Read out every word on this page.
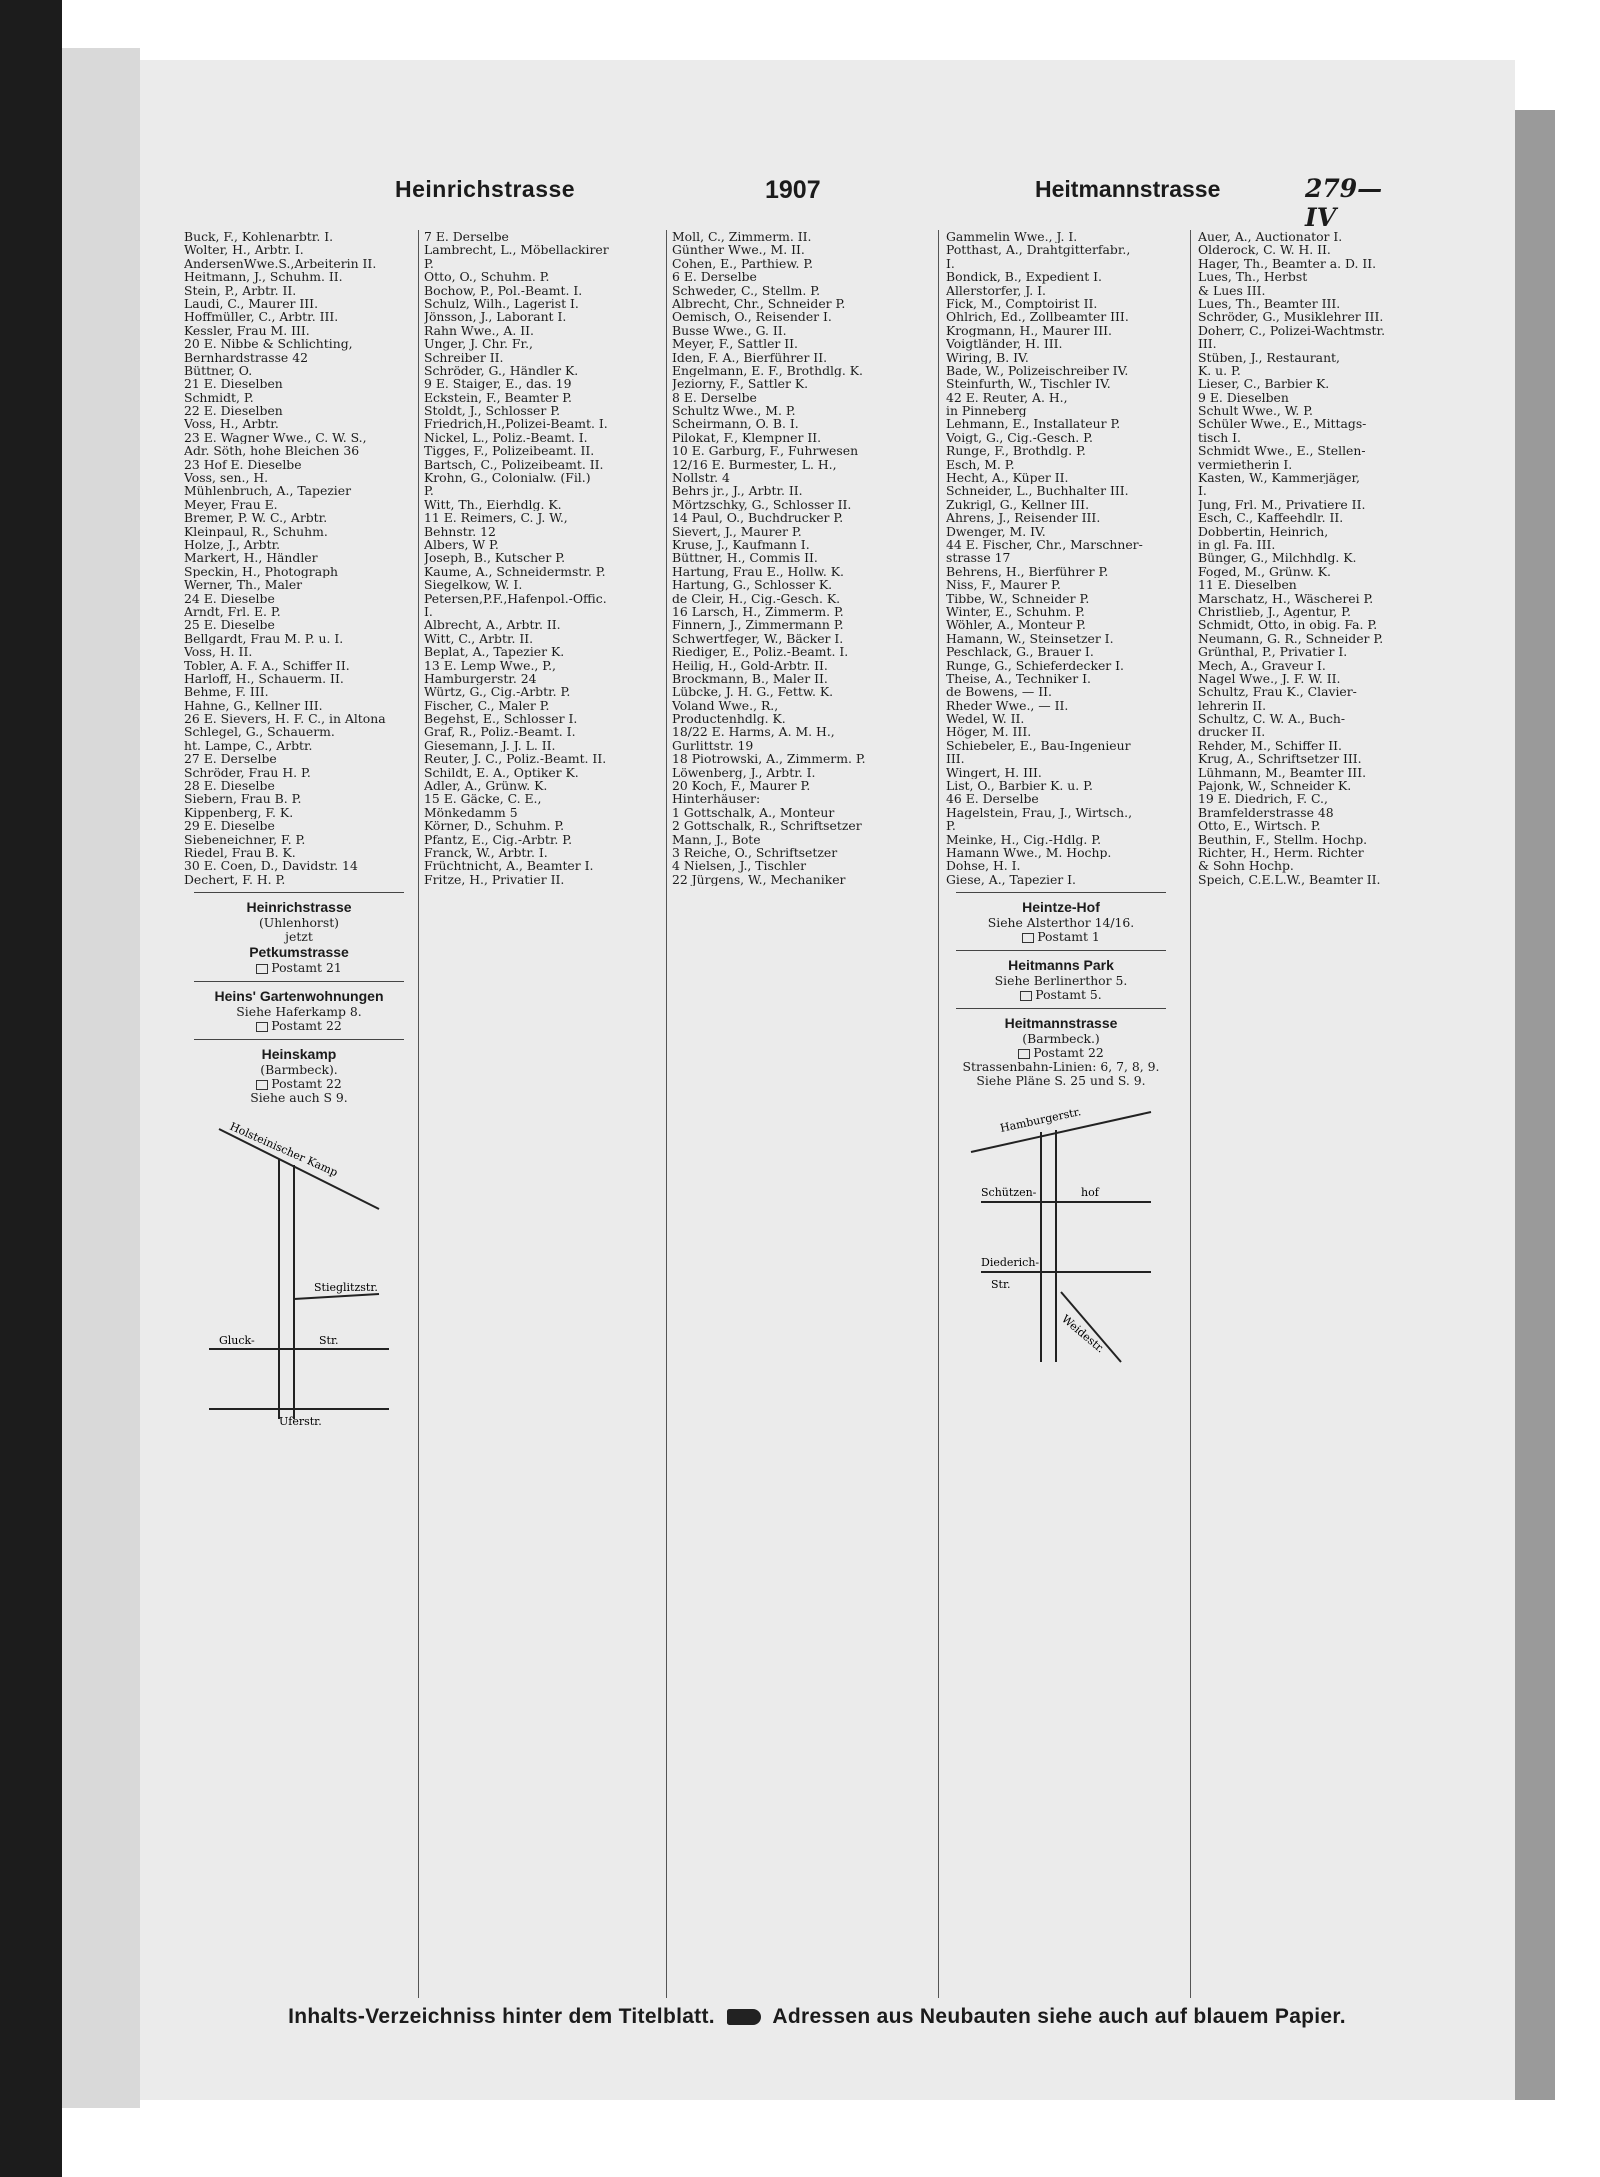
Heinrichstrasse	1907	Heitmannstrasse	279—IV
Buck, F., Kohlenarbtr. I.
Wolter, H., Arbtr. I.
AndersenWwe.S.,Arbeiterin II.
Heitmann, J., Schuhm. II.
Stein, P., Arbtr. II.
Laudi, C., Maurer III.
Hoffmüller, C., Arbtr. III.
Kessler, Frau M. III.
20 E. Nibbe & Schlichting,
Bernhardstrasse 42
Büttner, O.
21 E. Dieselben
Schmidt, P.
22 E. Dieselben
Voss, H., Arbtr.
23 E. Wagner Wwe., C. W. S.,
Adr. Söth, hohe Bleichen 36
23 Hof E. Dieselbe
Voss, sen., H.
Mühlenbruch, A., Tapezier
Meyer, Frau E.
Bremer, P. W. C., Arbtr.
Kleinpaul, R., Schuhm.
Holze, J., Arbtr.
Markert, H., Händler
Speckin, H., Photograph
Werner, Th., Maler
24 E. Dieselbe
Arndt, Frl. E. P.
25 E. Dieselbe
Bellgardt, Frau M. P. u. I.
Voss, H. II.
Tobler, A. F. A., Schiffer II.
Harloff, H., Schauerm. II.
Behme, F. III.
Hahne, G., Kellner III.
26 E. Sievers, H. F. C., in Altona
Schlegel, G., Schauerm.
ht. Lampe, C., Arbtr.
27 E. Derselbe
Schröder, Frau H. P.
28 E. Dieselbe
Siebern, Frau B. P.
Kippenberg, F. K.
29 E. Dieselbe
Siebeneichner, F. P.
Riedel, Frau B. K.
30 E. Coen, D., Davidstr. 14
Dechert, F. H. P.
Heinrichstrasse
(Uhlenhorst)
jetzt
Petkumstrasse
Postamt 21
Heins' Gartenwohnungen
Siehe Haferkamp 8.
Postamt 22
Heinskamp
(Barmbeck).
Postamt 22
Siehe auch S 9.
Holsteinischer Kamp
Stieglitzstr.
Gluck-	Str.
Uferstr.
7 E. Derselbe
Lambrecht, L., Möbellackirer
P.
Otto, O., Schuhm. P.
Bochow, P., Pol.-Beamt. I.
Schulz, Wilh., Lagerist I.
Jönsson, J., Laborant I.
Rahn Wwe., A. II.
Unger, J. Chr. Fr.,
Schreiber II.
Schröder, G., Händler K.
9 E. Staiger, E., das. 19
Eckstein, F., Beamter P.
Stoldt, J., Schlosser P.
Friedrich,H.,Polizei-Beamt. I.
Nickel, L., Poliz.-Beamt. I.
Tigges, F., Polizeibeamt. II.
Bartsch, C., Polizeibeamt. II.
Krohn, G., Colonialw. (Fil.)
P.
Witt, Th., Eierhdlg. K.
11 E. Reimers, C. J. W.,
Behnstr. 12
Albers, W P.
Joseph, B., Kutscher P.
Kaume, A., Schneidermstr. P.
Siegelkow, W. I.
Petersen,P.F.,Hafenpol.-Offic.
I.
Albrecht, A., Arbtr. II.
Witt, C., Arbtr. II.
Beplat, A., Tapezier K.
13 E. Lemp Wwe., P.,
Hamburgerstr. 24
Würtz, G., Cig.-Arbtr. P.
Fischer, C., Maler P.
Begehst, E., Schlosser I.
Graf, R., Poliz.-Beamt. I.
Giesemann, J. J. L. II.
Reuter, J. C., Poliz.-Beamt. II.
Schildt, E. A., Optiker K.
Adler, A., Grünw. K.
15 E. Gäcke, C. E.,
Mönkedamm 5
Körner, D., Schuhm. P.
Pfantz, E., Cig.-Arbtr. P.
Franck, W., Arbtr. I.
Früchtnicht, A., Beamter I.
Fritze, H., Privatier II.
Moll, C., Zimmerm. II.
Günther Wwe., M. II.
Cohen, E., Parthiew. P.
6 E. Derselbe
Schweder, C., Stellm. P.
Albrecht, Chr., Schneider P.
Oemisch, O., Reisender I.
Busse Wwe., G. II.
Meyer, F., Sattler II.
Iden, F. A., Bierführer II.
Engelmann, E. F., Brothdlg. K.
Jeziorny, F., Sattler K.
8 E. Derselbe
Schultz Wwe., M. P.
Scheirmann, O. B. I.
Pilokat, F., Klempner II.
10 E. Garburg, F., Fuhrwesen
12/16 E. Burmester, L. H.,
Nollstr. 4
Behrs jr., J., Arbtr. II.
Mörtzschky, G., Schlosser II.
14 Paul, O., Buchdrucker P.
Sievert, J., Maurer P.
Kruse, J., Kaufmann I.
Büttner, H., Commis II.
Hartung, Frau E., Hollw. K.
Hartung, G., Schlosser K.
de Cleir, H., Cig.-Gesch. K.
16 Larsch, H., Zimmerm. P.
Finnern, J., Zimmermann P.
Schwertfeger, W., Bäcker I.
Riediger, E., Poliz.-Beamt. I.
Heilig, H., Gold-Arbtr. II.
Brockmann, B., Maler II.
Lübcke, J. H. G., Fettw. K.
Voland Wwe., R.,
Productenhdlg. K.
18/22 E. Harms, A. M. H.,
Gurlittstr. 19
18 Piotrowski, A., Zimmerm. P.
Löwenberg, J., Arbtr. I.
20 Koch, F., Maurer P.
Hinterhäuser:
1 Gottschalk, A., Monteur
2 Gottschalk, R., Schriftsetzer
Mann, J., Bote
3 Reiche, O., Schriftsetzer
4 Nielsen, J., Tischler
22 Jürgens, W., Mechaniker
Gammelin Wwe., J. I.
Potthast, A., Drahtgitterfabr.,
I.
Bondick, B., Expedient I.
Allerstorfer, J. I.
Fick, M., Comptoirist II.
Ohlrich, Ed., Zollbeamter III.
Krogmann, H., Maurer III.
Voigtländer, H. III.
Wiring, B. IV.
Bade, W., Polizeischreiber IV.
Steinfurth, W., Tischler IV.
42 E. Reuter, A. H.,
in Pinneberg
Lehmann, E., Installateur P.
Voigt, G., Cig.-Gesch. P.
Runge, F., Brothdlg. P.
Esch, M. P.
Hecht, A., Küper II.
Schneider, L., Buchhalter III.
Zukrigl, G., Kellner III.
Ahrens, J., Reisender III.
Dwenger, M. IV.
44 E. Fischer, Chr., Marschner-
strasse 17
Behrens, H., Bierführer P.
Niss, F., Maurer P.
Tibbe, W., Schneider P.
Winter, E., Schuhm. P.
Wöhler, A., Monteur P.
Hamann, W., Steinsetzer I.
Peschlack, G., Brauer I.
Runge, G., Schieferdecker I.
Theise, A., Techniker I.
de Bowens, — II.
Rheder Wwe., — II.
Wedel, W. II.
Höger, M. III.
Schiebeler, E., Bau-Ingenieur
III.
Wingert, H. III.
List, O., Barbier K. u. P.
46 E. Derselbe
Hagelstein, Frau, J., Wirtsch.,
P.
Meinke, H., Cig.-Hdlg. P.
Hamann Wwe., M. Hochp.
Dohse, H. I.
Giese, A., Tapezier I.
Heintze-Hof
Siehe Alsterthor 14/16.
Postamt 1
Heitmanns Park
Siehe Berlinerthor 5.
Postamt 5.
Heitmannstrasse
(Barmbeck.)
Postamt 22
Strassenbahn-Linien: 6, 7, 8, 9.
Siehe Pläne S. 25 und S. 9.
Hamburgerstr.
Schützen-	hof
Diederich-
Str.
Weidestr.
Auer, A., Auctionator I.
Olderock, C. W. H. II.
Hager, Th., Beamter a. D. II.
Lues, Th., Herbst
& Lues III.
Lues, Th., Beamter III.
Schröder, G., Musiklehrer III.
Doherr, C., Polizei-Wachtmstr.
III.
Stüben, J., Restaurant,
K. u. P.
Lieser, C., Barbier K.
9 E. Dieselben
Schult Wwe., W. P.
Schüler Wwe., E., Mittags-
tisch I.
Schmidt Wwe., E., Stellen-
vermietherin I.
Kasten, W., Kammerjäger,
I.
Jung, Frl. M., Privatiere II.
Esch, C., Kaffeehdlr. II.
Dobbertin, Heinrich,
in gl. Fa. III.
Bünger, G., Milchhdlg. K.
Foged, M., Grünw. K.
11 E. Dieselben
Marschatz, H., Wäscherei P.
Christlieb, J., Agentur, P.
Schmidt, Otto, in obig. Fa. P.
Neumann, G. R., Schneider P.
Grünthal, P., Privatier I.
Mech, A., Graveur I.
Nagel Wwe., J. F. W. II.
Schultz, Frau K., Clavier-
lehrerin II.
Schultz, C. W. A., Buch-
drucker II.
Rehder, M., Schiffer II.
Krug, A., Schriftsetzer III.
Lühmann, M., Beamter III.
Pajonk, W., Schneider K.
19 E. Diedrich, F. C.,
Bramfelderstrasse 48
Otto, E., Wirtsch. P.
Beuthin, F., Stellm. Hochp.
Richter, H., Herm. Richter
& Sohn Hochp.
Speich, C.E.L.W., Beamter II.
Inhalts-Verzeichniss hinter dem Titelblatt.	Adressen aus Neubauten siehe auch auf blauem Papier.
